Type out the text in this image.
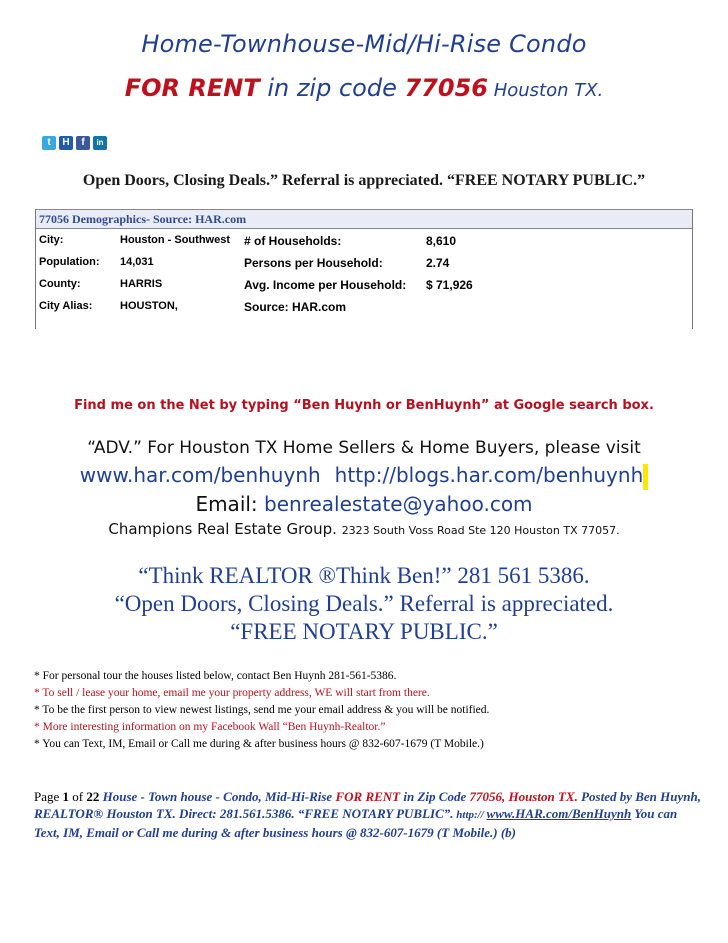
Home-Townhouse-Mid/Hi-Rise Condo
FOR RENT in zip code 77056 Houston TX.
t	H	f	in
Open Doors, Closing Deals.” Referral is appreciated. “FREE NOTARY PUBLIC.”
77056 Demographics- Source: HAR.com
City:	Houston - Southwest # of Households:	8,610
Population: 14,031	Persons per Household:	2.74
County:	HARRIS	Avg. Income per Household: $ 71,926
City Alias:	HOUSTON,	Source: HAR.com
Find me on the Net by typing “Ben Huynh or BenHuynh” at Google search box.
“ADV.” For Houston TX Home Sellers & Home Buyers, please visit
www.har.com/benhuynh http://blogs.har.com/benhuynh
Email: benrealestate@yahoo.com
Champions Real Estate Group. 2323 South Voss Road Ste 120 Houston TX 77057.
“Think REALTOR ®Think Ben!” 281 561 5386.
“Open Doors, Closing Deals.” Referral is appreciated.
“FREE NOTARY PUBLIC.”
* For personal tour the houses listed below, contact Ben Huynh 281-561-5386.
* To sell / lease your home, email me your property address, WE will start from there.
* To be the first person to view newest listings, send me your email address & you will be notified.
* More interesting information on my Facebook Wall “Ben Huynh-Realtor.”
* You can Text, IM, Email or Call me during & after business hours @ 832-607-1679 (T Mobile.)
Page 1 of 22 House - Town house - Condo, Mid-Hi-Rise FOR RENT in Zip Code 77056, Houston TX. Posted by Ben Huynh, REALTOR® Houston TX. Direct: 281.561.5386. “FREE NOTARY PUBLIC”. http:// www.HAR.com/BenHuynh You can Text, IM, Email or Call me during & after business hours @ 832-607-1679 (T Mobile.) (b)
